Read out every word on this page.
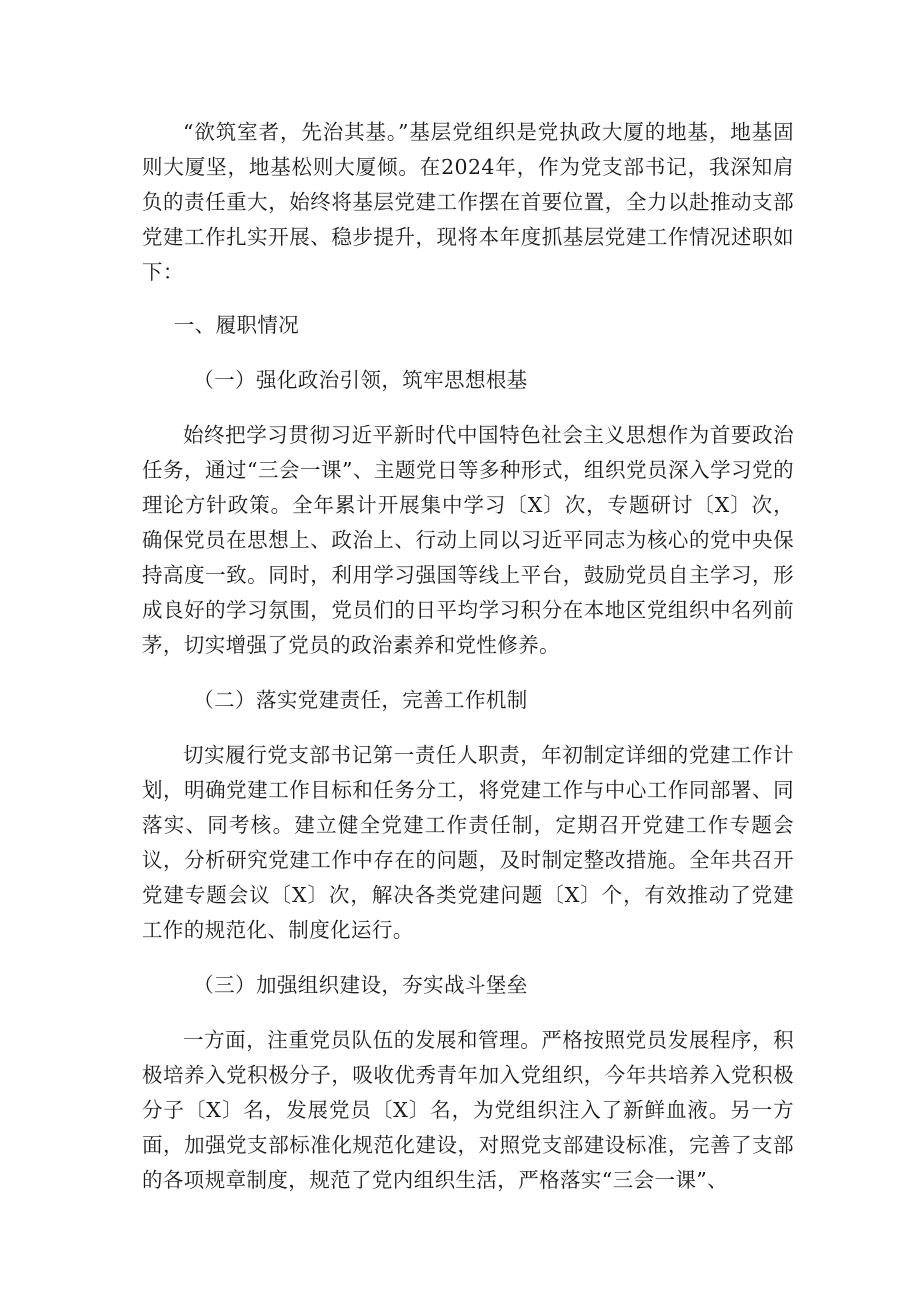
“欲筑室者，先治其基。”基层党组织是党执政大厦的地基，地基固则大厦坚，地基松则大厦倾。在2024年，作为党支部书记，我深知肩负的责任重大，始终将基层党建工作摆在首要位置，全力以赴推动支部党建工作扎实开展、稳步提升，现将本年度抓基层党建工作情况述职如下：

一、履职情况

（一）强化政治引领，筑牢思想根基

始终把学习贯彻习近平新时代中国特色社会主义思想作为首要政治任务，通过“三会一课”、主题党日等多种形式，组织党员深入学习党的理论方针政策。全年累计开展集中学习〔X〕次，专题研讨〔X〕次，确保党员在思想上、政治上、行动上同以习近平同志为核心的党中央保持高度一致。同时，利用学习强国等线上平台，鼓励党员自主学习，形成良好的学习氛围，党员们的日平均学习积分在本地区党组织中名列前茅，切实增强了党员的政治素养和党性修养。

（二）落实党建责任，完善工作机制

切实履行党支部书记第一责任人职责，年初制定详细的党建工作计划，明确党建工作目标和任务分工，将党建工作与中心工作同部署、同落实、同考核。建立健全党建工作责任制，定期召开党建工作专题会议，分析研究党建工作中存在的问题，及时制定整改措施。全年共召开党建专题会议〔X〕次，解决各类党建问题〔X〕个，有效推动了党建工作的规范化、制度化运行。

（三）加强组织建设，夯实战斗堡垒

一方面，注重党员队伍的发展和管理。严格按照党员发展程序，积极培养入党积极分子，吸收优秀青年加入党组织，今年共培养入党积极分子〔X〕名，发展党员〔X〕名，为党组织注入了新鲜血液。另一方面，加强党支部标准化规范化建设，对照党支部建设标准，完善了支部的各项规章制度，规范了党内组织生活，严格落实“三会一课”、
